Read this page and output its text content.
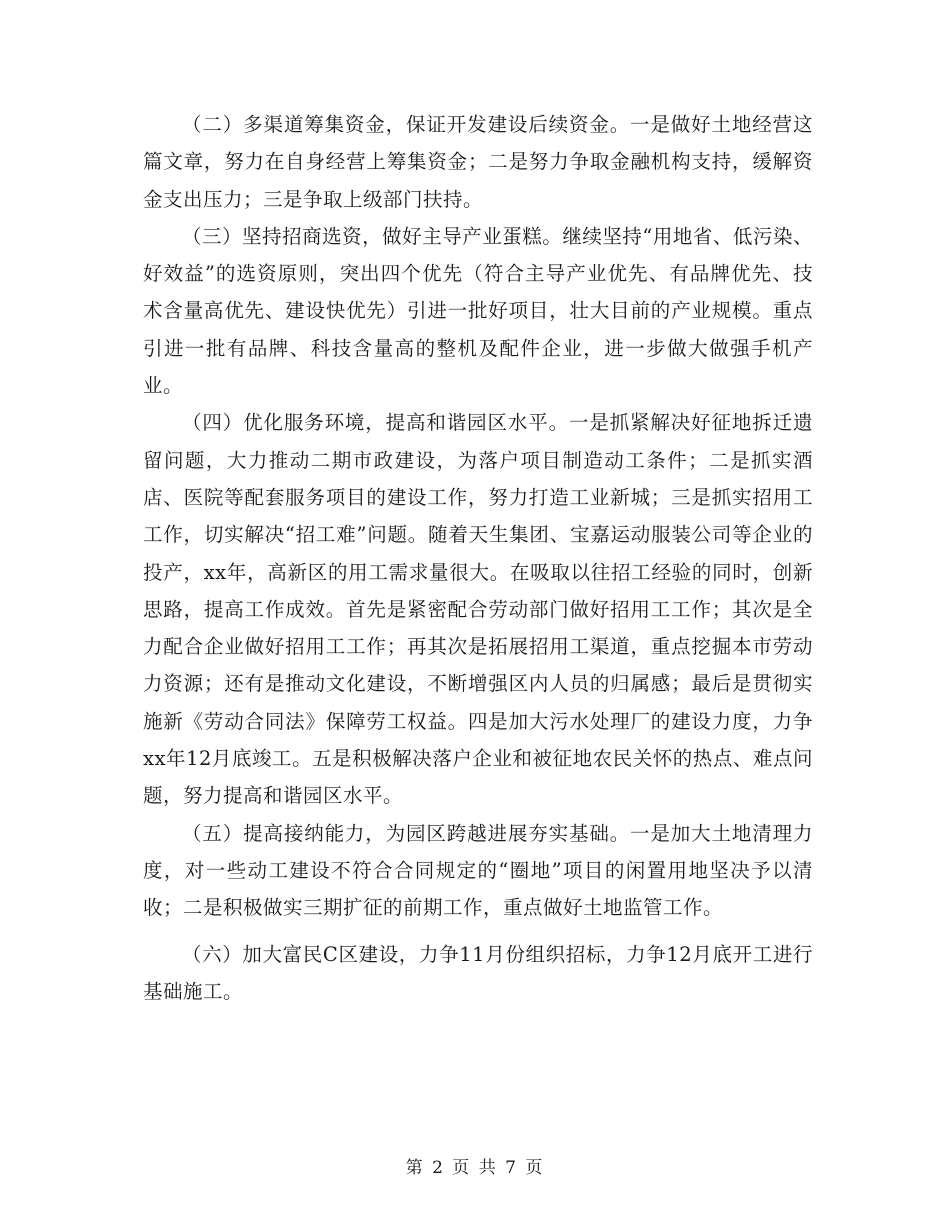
（二）多渠道筹集资金，保证开发建设后续资金。一是做好土地经营这篇文章，努力在自身经营上筹集资金；二是努力争取金融机构支持，缓解资金支出压力；三是争取上级部门扶持。

（三）坚持招商选资，做好主导产业蛋糕。继续坚持“用地省、低污染、好效益”的选资原则，突出四个优先（符合主导产业优先、有品牌优先、技术含量高优先、建设快优先）引进一批好项目，壮大目前的产业规模。重点引进一批有品牌、科技含量高的整机及配件企业，进一步做大做强手机产业。

（四）优化服务环境，提高和谐园区水平。一是抓紧解决好征地拆迁遗留问题，大力推动二期市政建设，为落户项目制造动工条件；二是抓实酒店、医院等配套服务项目的建设工作，努力打造工业新城；三是抓实招用工工作，切实解决“招工难”问题。随着天生集团、宝嘉运动服装公司等企业的投产，xx年，高新区的用工需求量很大。在吸取以往招工经验的同时，创新思路，提高工作成效。首先是紧密配合劳动部门做好招用工工作；其次是全力配合企业做好招用工工作；再其次是拓展招用工渠道，重点挖掘本市劳动力资源；还有是推动文化建设，不断增强区内人员的归属感；最后是贯彻实施新《劳动合同法》保障劳工权益。四是加大污水处理厂的建设力度，力争xx年12月底竣工。五是积极解决落户企业和被征地农民关怀的热点、难点问题，努力提高和谐园区水平。

（五）提高接纳能力，为园区跨越进展夯实基础。一是加大土地清理力度，对一些动工建设不符合合同规定的“圈地”项目的闲置用地坚决予以清收；二是积极做实三期扩征的前期工作，重点做好土地监管工作。

（六）加大富民C区建设，力争11月份组织招标，力争12月底开工进行基础施工。

第 2 页 共 7 页
